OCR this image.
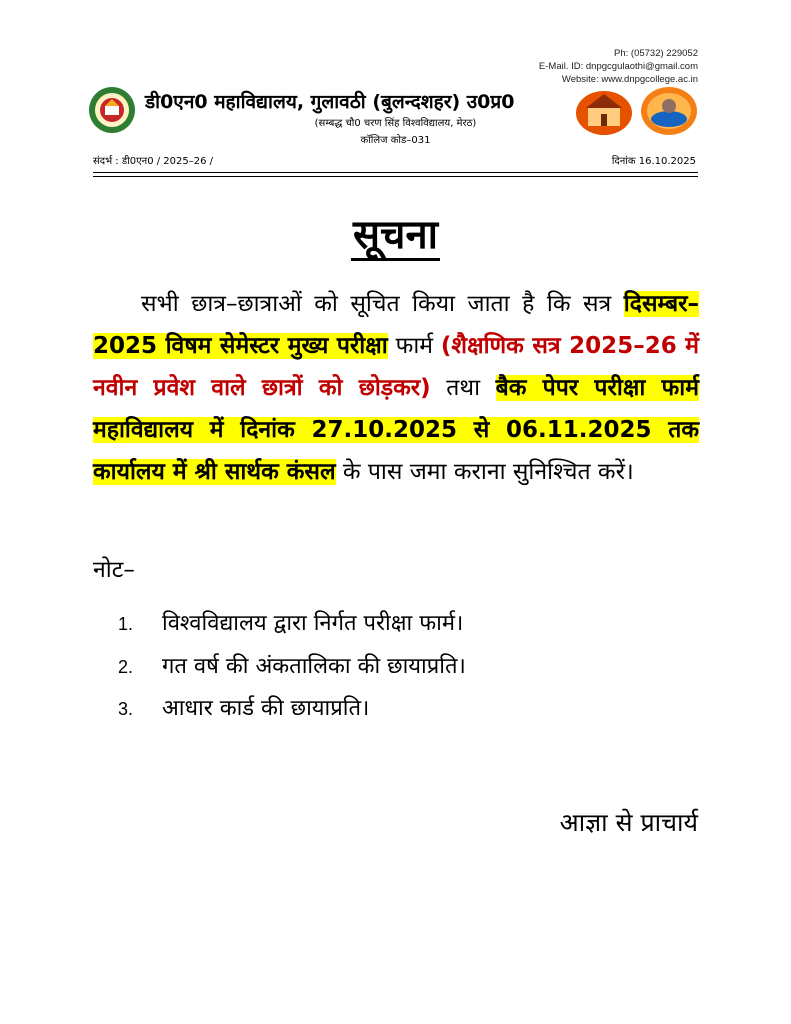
Ph: (05732) 229052
E-Mail. ID: dnpgcgulaothi@gmail.com
Website: www.dnpgcollege.ac.in
डी0एन0 महाविद्यालय, गुलावठी (बुलन्दशहर) उ0प्र0
(सम्बद्ध चौ0 चरण सिंह विश्वविद्यालय, मेरठ)
कॉलिज कोड–031
संदर्भ : डी0एन0 / 2025–26 /	दिनांक 16.10.2025
सूचना
सभी छात्र–छात्राओं को सूचित किया जाता है कि सत्र दिसम्बर–2025 विषम सेमेस्टर मुख्य परीक्षा फार्म (शैक्षणिक सत्र 2025–26 में नवीन प्रवेश वाले छात्रों को छोड़कर) तथा बैक पेपर परीक्षा फार्म महाविद्यालय में दिनांक 27.10.2025 से 06.11.2025 तक कार्यालय में श्री सार्थक कंसल के पास जमा कराना सुनिश्चित करें।
नोट–
1. विश्वविद्यालय द्वारा निर्गत परीक्षा फार्म।
2. गत वर्ष की अंकतालिका की छायाप्रति।
3. आधार कार्ड की छायाप्रति।
आज्ञा से प्राचार्य
